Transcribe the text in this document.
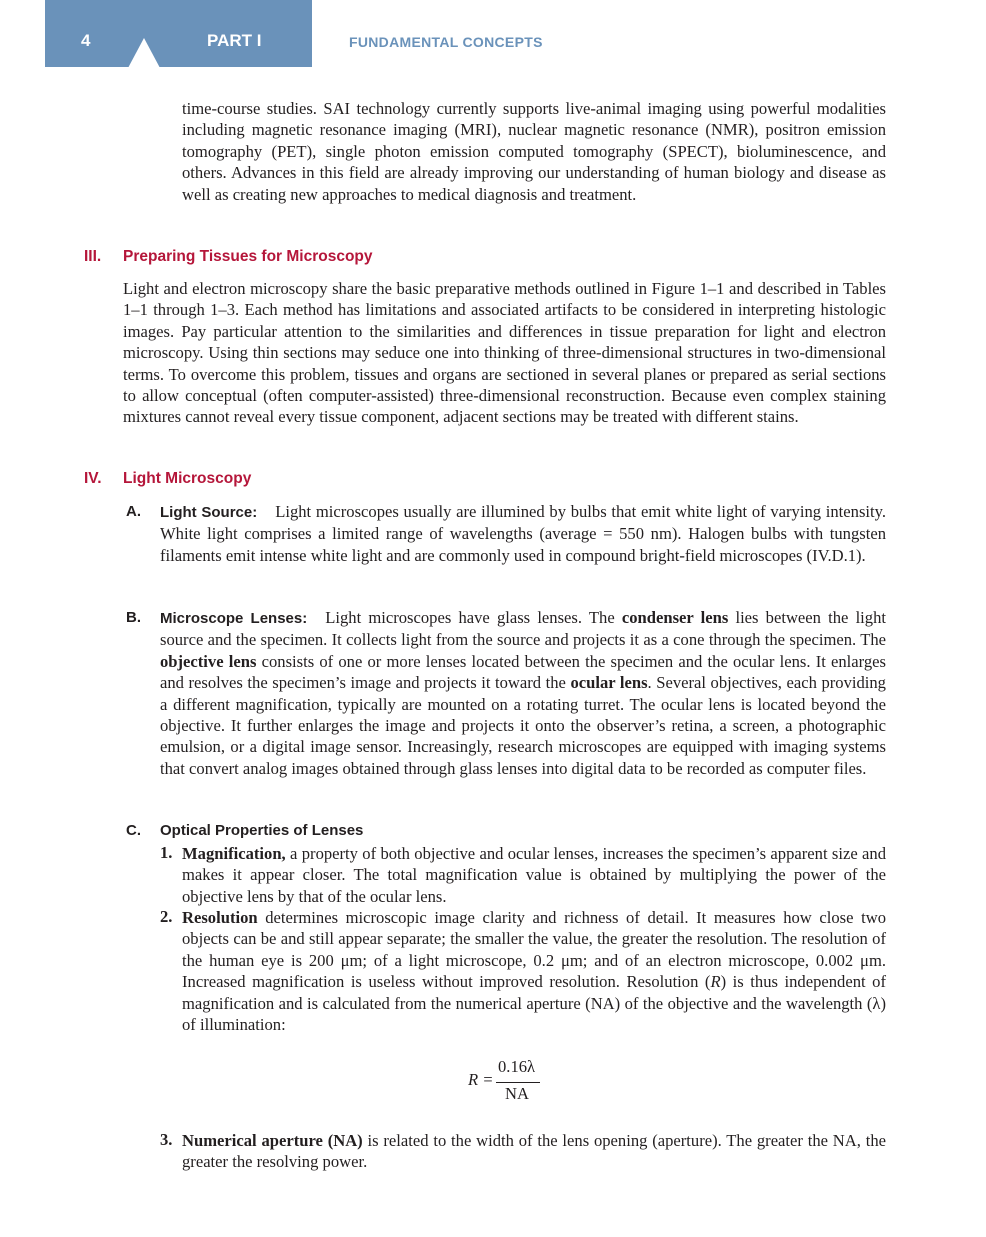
4	PART I	FUNDAMENTAL CONCEPTS
time-course studies. SAI technology currently supports live-animal imaging using powerful modalities including magnetic resonance imaging (MRI), nuclear magnetic resonance (NMR), positron emission tomography (PET), single photon emission computed tomography (SPECT), bioluminescence, and others. Advances in this field are already improving our understanding of human biology and disease as well as creating new approaches to medical diagnosis and treatment.
III. Preparing Tissues for Microscopy
Light and electron microscopy share the basic preparative methods outlined in Figure 1–1 and described in Tables 1–1 through 1–3. Each method has limitations and associated artifacts to be considered in interpreting histologic images. Pay particular attention to the similarities and differences in tissue preparation for light and electron microscopy. Using thin sections may seduce one into thinking of three-dimensional structures in two-dimensional terms. To overcome this problem, tissues and organs are sectioned in several planes or prepared as serial sections to allow conceptual (often computer-assisted) three-dimensional reconstruction. Because even complex staining mixtures cannot reveal every tissue component, adjacent sections may be treated with different stains.
IV. Light Microscopy
A. Light Source: Light microscopes usually are illumined by bulbs that emit white light of varying intensity. White light comprises a limited range of wavelengths (average = 550 nm). Halogen bulbs with tungsten filaments emit intense white light and are commonly used in compound bright-field microscopes (IV.D.1).
B. Microscope Lenses: Light microscopes have glass lenses. The condenser lens lies between the light source and the specimen. It collects light from the source and projects it as a cone through the specimen. The objective lens consists of one or more lenses located between the specimen and the ocular lens. It enlarges and resolves the specimen’s image and projects it toward the ocular lens. Several objectives, each providing a different magnification, typically are mounted on a rotating turret. The ocular lens is located beyond the objective. It further enlarges the image and projects it onto the observer’s retina, a screen, a photographic emulsion, or a digital image sensor. Increasingly, research microscopes are equipped with imaging systems that convert analog images obtained through glass lenses into digital data to be recorded as computer files.
C. Optical Properties of Lenses
1. Magnification, a property of both objective and ocular lenses, increases the specimen’s apparent size and makes it appear closer. The total magnification value is obtained by multiplying the power of the objective lens by that of the ocular lens.
2. Resolution determines microscopic image clarity and richness of detail. It measures how close two objects can be and still appear separate; the smaller the value, the greater the resolution. The resolution of the human eye is 200 μm; of a light microscope, 0.2 μm; and of an electron microscope, 0.002 μm. Increased magnification is useless without improved resolution. Resolution (R) is thus independent of magnification and is calculated from the numerical aperture (NA) of the objective and the wavelength (λ) of illumination:
R =
0.16λ
NA
3. Numerical aperture (NA) is related to the width of the lens opening (aperture). The greater the NA, the greater the resolving power.
